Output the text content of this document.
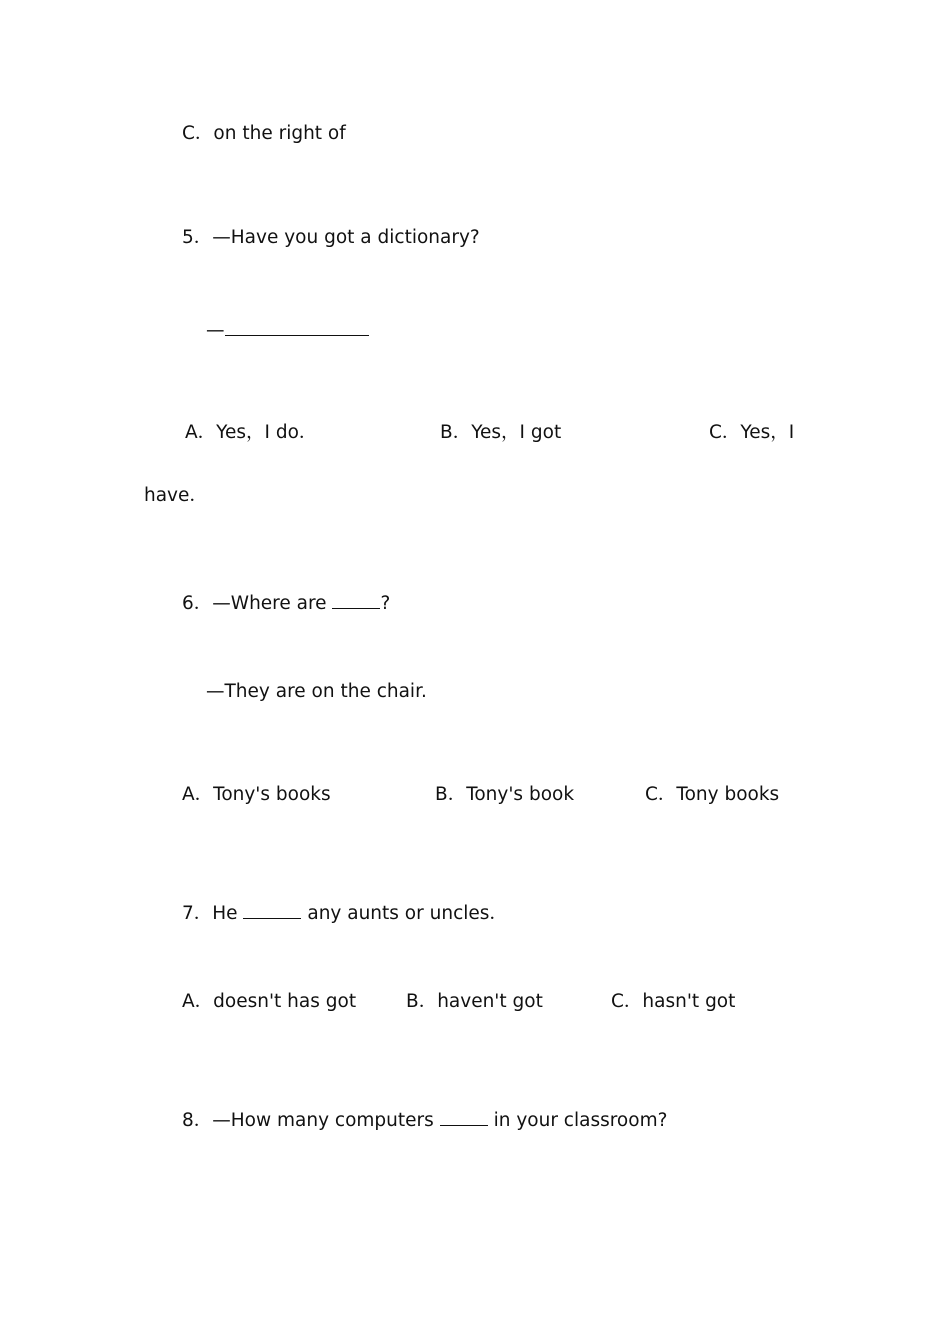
C．on the right of
5．—Have you got a dictionary?
—
A．Yes，I do．	B．Yes，I got	C．Yes，I
have．
6．—Where are	?
—They are on the chair.
A．Tony's books	B．Tony's book	C．Tony books
7．He	any aunts or uncles．
A．doesn't has got	B．haven't got	C．hasn't got
8．—How many computers	in your classroom?
